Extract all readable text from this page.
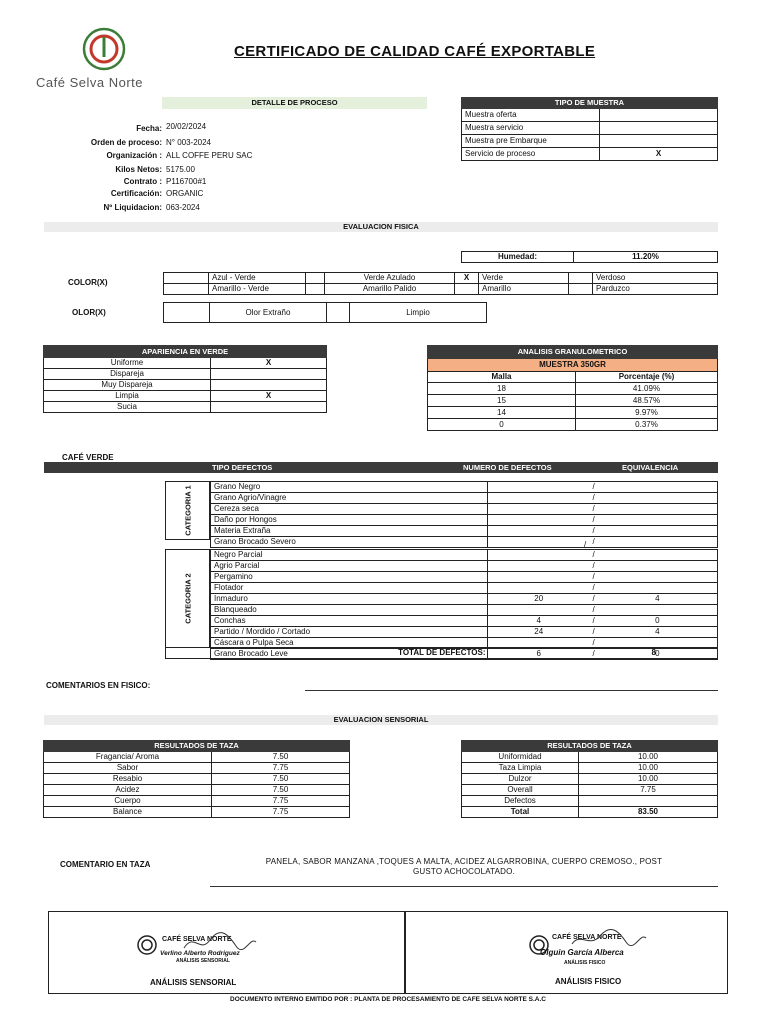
Café Selva Norte
CERTIFICADO DE CALIDAD CAFÉ EXPORTABLE
DETALLE DE PROCESO
Fecha: 20/02/2024
Orden de proceso: N° 003-2024
Organización : ALL COFFE PERU SAC
Kilos Netos: 5175.00
Contrato : P116700#1
Certificación: ORGANIC
Nº Liquidacion: 063-2024
TIPO DE MUESTRA	
Muestra oferta	
Muestra servicio	
Muestra pre Embarque	
Servicio de proceso	X
EVALUACION FISICA
Humedad:	11.20%
COLOR(X)
	Azul - Verde		Verde Azulado	X	Verde		Verdoso
	Amarillo - Verde		Amarillo Palido		Amarillo		Parduzco
OLOR(X)
		Olor Extraño		Limpio
APARIENCIA EN VERDE	
Uniforme	X
Dispareja	
Muy Dispareja	
Limpia	X
Sucia	
ANALISIS GRANULOMETRICO	
MUESTRA 350GR	
Malla	Porcentaje (%)
18	41.09%
15	48.57%
14	9.97%
0	0.37%
CAFÉ VERDE
TIPO DEFECTOS	NUMERO DE DEFECTOS	EQUIVALENCIA
CATEGORIA 1	Grano Negro		/	
Grano Agrio/Vinagre		/	
Cereza seca		/	
Daño por Hongos		/	
Materia Extraña		/	
Grano Brocado Severo		/	
/
CATEGORIA 2
Negro Parcial		/	
Agrio Parcial		/	
Pergamino		/	
Flotador		/	
Inmaduro	20	/	4
Blanqueado		/	
Conchas	4	/	0
Partido / Mordido / Cortado	24	/	4
Cáscara o Pulpa Seca		/	
Grano Brocado Leve	6	/	0
TOTAL DE DEFECTOS:		8
COMENTARIOS EN FISICO:
EVALUACION SENSORIAL
RESULTADOS DE TAZA	
Fragancia/ Aroma	7.50
Sabor	7.75
Resabio	7.50
Acidez	7.50
Cuerpo	7.75
Balance	7.75
RESULTADOS DE TAZA	
Uniformidad	10.00
Taza Limpia	10.00
Dulzor	10.00
Overall	7.75
Defectos	
Total	83.50
COMENTARIO EN TAZA	PANELA, SABOR MANZANA ,TOQUES A MALTA, ACIDEZ ALGARROBINA, CUERPO CREMOSO., POST
GUSTO ACHOCOLATADO.
CAFÉ SELVA NORTE
Verlino Alberto Rodriguez
ANÁLISIS SENSORIAL
ANÁLISIS SENSORIAL
CAFÉ SELVA NORTE
Olguin García Alberca
ANÁLISIS FISICO
ANÁLISIS FISICO
DOCUMENTO INTERNO EMITIDO POR : PLANTA DE PROCESAMIENTO DE CAFE SELVA NORTE S.A.C
